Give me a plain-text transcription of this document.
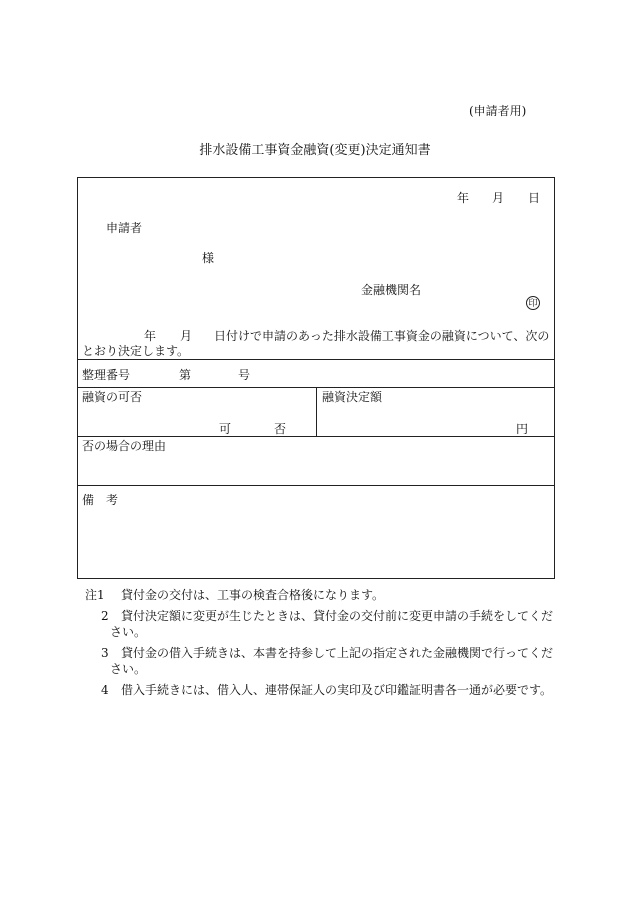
(申請者用)
排水設備工事資金融資(変更)決定通知書
年 月 日
申請者
様
金融機関名
印
年 月 日付けで申請のあった排水設備工事資金の融資について、次の
とおり決定します。
整理番号	第	号
融資の可否
可	否
融資決定額
円
否の場合の理由
備　考
注1 貸付金の交付は、工事の検査合格後になります。
2 貸付決定額に変更が生じたときは、貸付金の交付前に変更申請の手続をしてくだ
さい。
3 貸付金の借入手続きは、本書を持参して上記の指定された金融機関で行ってくだ
さい。
4 借入手続きには、借入人、連帯保証人の実印及び印鑑証明書各一通が必要です。
